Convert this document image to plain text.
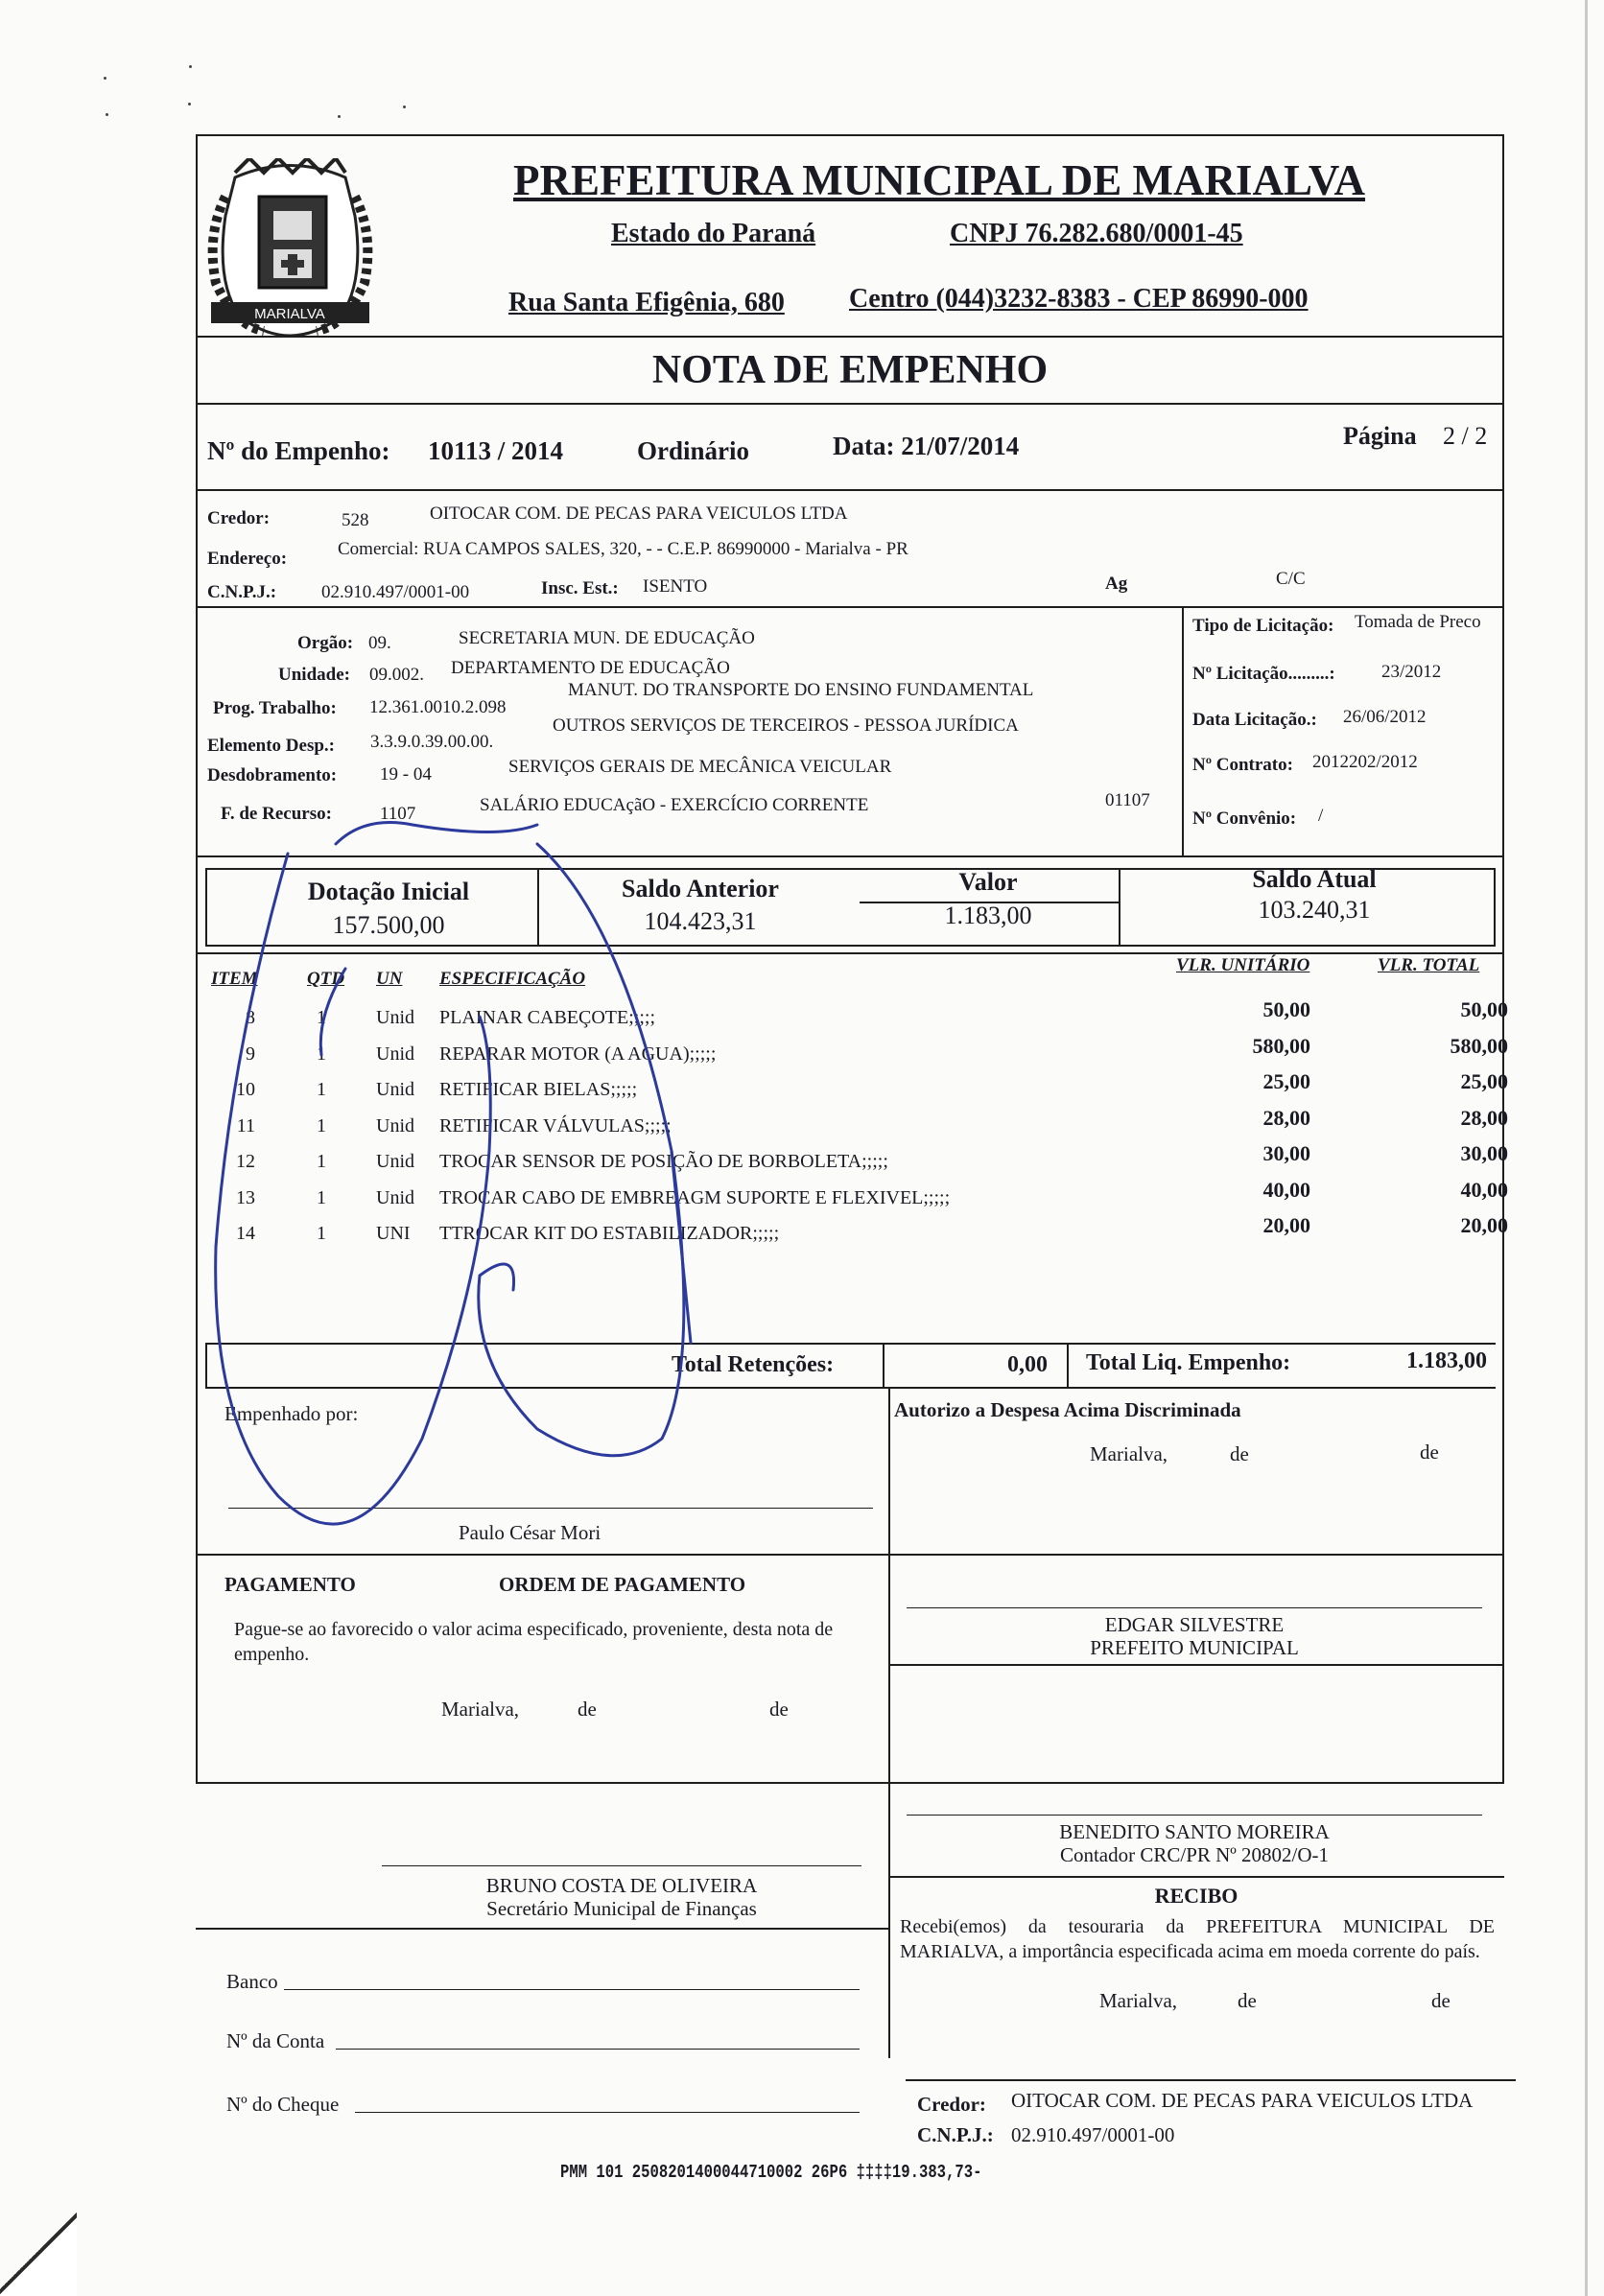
MARIALVA
PREFEITURA MUNICIPAL DE MARIALVA
Estado do Paraná	CNPJ 76.282.680/0001-45
Rua Santa Efigênia, 680 Centro (044)3232-8383 - CEP 86990-000
NOTA DE EMPENHO
Nº do Empenho: 10113 / 2014	Ordinário	Data: 21/07/2014	Página 2 / 2
Credor:	528	OITOCAR COM. DE PECAS PARA VEICULOS LTDA
Endereço:	Comercial: RUA CAMPOS SALES, 320, - - C.E.P. 86990000 - Marialva - PR
C.N.P.J.: 02.910.497/0001-00	Insc. Est.: ISENTO	Ag	C/C
Orgão: 09.	SECRETARIA MUN. DE EDUCAÇÃO
Unidade: 09.002. DEPARTAMENTO DE EDUCAÇÃO
Prog. Trabalho: 12.361.0010.2.098
MANUT. DO TRANSPORTE DO ENSINO FUNDAMENTAL
Elemento Desp.: 3.3.9.0.39.00.00.
OUTROS SERVIÇOS DE TERCEIROS - PESSOA JURÍDICA
Desdobramento: 19 - 04	SERVIÇOS GERAIS DE MECÂNICA VEICULAR
F. de Recurso:	1107	SALÁRIO EDUCAçãO - EXERCÍCIO CORRENTE	01107
Tipo de Licitação: Tomada de Preco
Nº Licitação.........:	23/2012
Data Licitação.: 26/06/2012
Nº Contrato: 2012202/2012
Nº Convênio: /
Dotação Inicial
157.500,00
Saldo Anterior
104.423,31
Valor
1.183,00
Saldo Atual
103.240,31
ITEM	QTD UN ESPECIFICAÇÃO
VLR. UNITÁRIO	VLR. TOTAL
8	1	Unid	PLAINAR CABEÇOTE;;;;;	50,00	50,00
9	1	Unid	REPARAR MOTOR (A AGUA);;;;;	580,00	580,00
10	1	Unid	RETIFICAR BIELAS;;;;;	25,00	25,00
11	1	Unid	RETIFICAR VÁLVULAS;;;;;	28,00	28,00
12	1	Unid	TROCAR SENSOR DE POSIÇÃO DE BORBOLETA;;;;;	30,00	30,00
13	1	Unid	TROCAR CABO DE EMBREAGM SUPORTE E FLEXIVEL;;;;;	40,00	40,00
14	1	UNI	TTROCAR KIT DO ESTABILIZADOR;;;;;	20,00	20,00
Total Retenções:	0,00 Total Liq. Empenho:	1.183,00
Empenhado por:
Paulo César Mori
Autorizo a Despesa Acima Discriminada
Marialva,	de	de
PAGAMENTO	ORDEM DE PAGAMENTO
Pague-se ao favorecido o valor acima especificado, proveniente, desta nota de empenho.
Marialva,	de	de
EDGAR SILVESTRE
PREFEITO MUNICIPAL
BENEDITO SANTO MOREIRA
Contador CRC/PR Nº 20802/O-1
BRUNO COSTA DE OLIVEIRA
Secretário Municipal de Finanças
RECIBO
Recebi(emos) da tesouraria da PREFEITURA MUNICIPAL DE MARIALVA, a importância especificada acima em moeda corrente do país.
Marialva,	de	de
Banco
Nº da Conta
Nº do Cheque	Credor: OITOCAR COM. DE PECAS PARA VEICULOS LTDA
C.N.P.J.: 02.910.497/0001-00
PMM 101 2508201400044710002 26P6 ‡‡‡‡19.383,73-
